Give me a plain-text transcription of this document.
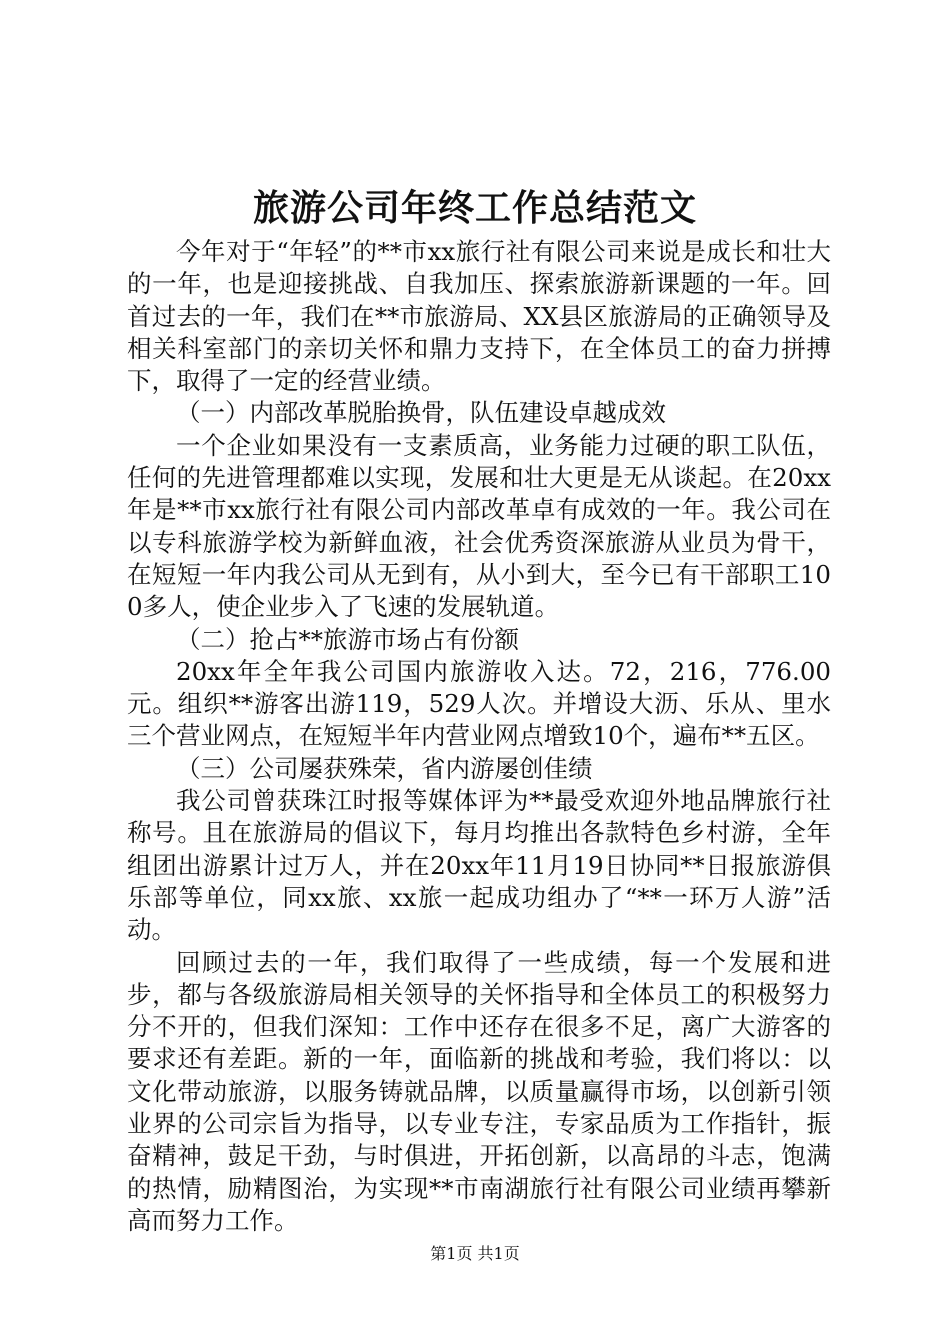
旅游公司年终工作总结范文

今年对于“年轻”的**市xx旅行社有限公司来说是成长和壮大的一年，也是迎接挑战、自我加压、探索旅游新课题的一年。回首过去的一年，我们在**市旅游局、XX县区旅游局的正确领导及相关科室部门的亲切关怀和鼎力支持下，在全体员工的奋力拼搏下，取得了一定的经营业绩。

（一）内部改革脱胎换骨，队伍建设卓越成效

一个企业如果没有一支素质高，业务能力过硬的职工队伍，任何的先进管理都难以实现，发展和壮大更是无从谈起。在20xx年是**市xx旅行社有限公司内部改革卓有成效的一年。我公司在以专科旅游学校为新鲜血液，社会优秀资深旅游从业员为骨干，在短短一年内我公司从无到有，从小到大，至今已有干部职工100多人，使企业步入了飞速的发展轨道。

（二）抢占**旅游市场占有份额

20xx年全年我公司国内旅游收入达。72，216，776.00元。组织**游客出游119，529人次。并增设大沥、乐从、里水三个营业网点，在短短半年内营业网点增致10个，遍布**五区。

（三）公司屡获殊荣，省内游屡创佳绩

我公司曾获珠江时报等媒体评为**最受欢迎外地品牌旅行社称号。且在旅游局的倡议下，每月均推出各款特色乡村游，全年组团出游累计过万人，并在20xx年11月19日协同**日报旅游俱乐部等单位，同xx旅、xx旅一起成功组办了“**一环万人游”活动。

回顾过去的一年，我们取得了一些成绩，每一个发展和进步，都与各级旅游局相关领导的关怀指导和全体员工的积极努力分不开的，但我们深知：工作中还存在很多不足，离广大游客的要求还有差距。新的一年，面临新的挑战和考验，我们将以：以文化带动旅游，以服务铸就品牌，以质量赢得市场，以创新引领业界的公司宗旨为指导，以专业专注，专家品质为工作指针，振奋精神，鼓足干劲，与时俱进，开拓创新，以高昂的斗志，饱满的热情，励精图治，为实现**市南湖旅行社有限公司业绩再攀新高而努力工作。

第1页 共1页
